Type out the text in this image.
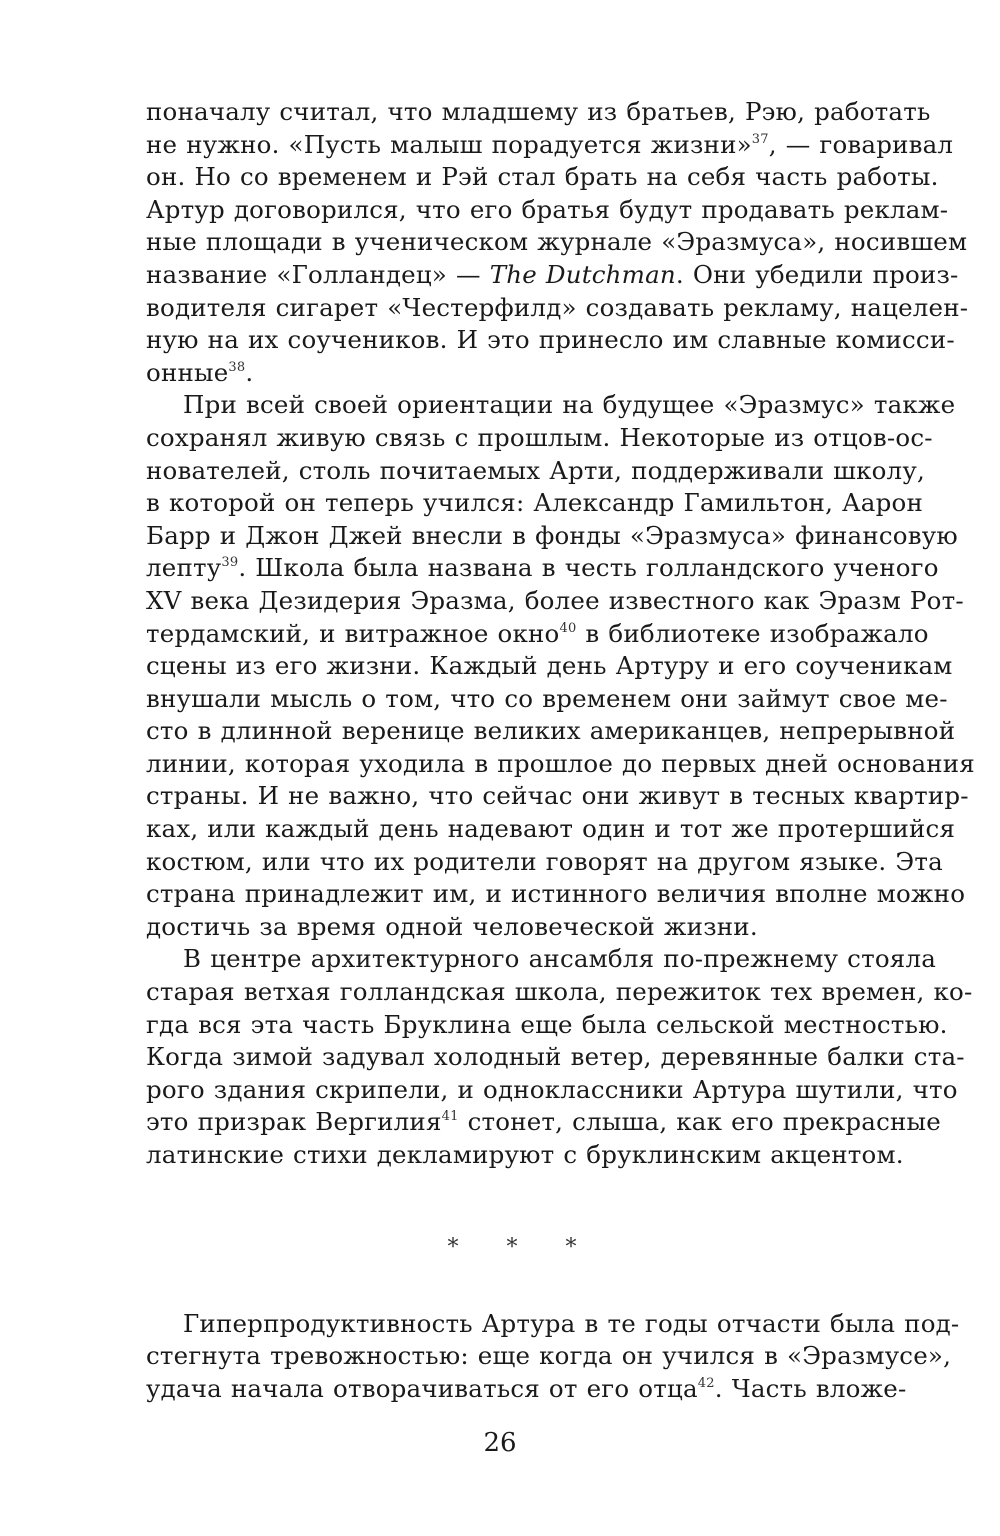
поначалу считал, что младшему из братьев, Рэю, работать
не нужно. «Пусть малыш порадуется жизни»$^{37}$, — говаривал
он. Но со временем и Рэй стал брать на себя часть работы.
Артур договорился, что его братья будут продавать реклам-
ные площади в ученическом журнале «Эразмуса», носившем
название «Голландец» — The Dutchman. Они убедили произ-
водителя сигарет «Честерфилд» создавать рекламу, нацелен-
ную на их соучеников. И это принесло им славные комисси-
онные$^{38}$.
При всей своей ориентации на будущее «Эразмус» также
сохранял живую связь с прошлым. Некоторые из отцов-ос-
нователей, столь почитаемых Арти, поддерживали школу,
в которой он теперь учился: Александр Гамильтон, Аарон
Барр и Джон Джей внесли в фонды «Эразмуса» финансовую
лепту$^{39}$. Школа была названа в честь голландского ученого
XV века Дезидерия Эразма, более известного как Эразм Рот-
тердамский, и витражное окно$^{40}$ в библиотеке изображало
сцены из его жизни. Каждый день Артуру и его соученикам
внушали мысль о том, что со временем они займут свое ме-
сто в длинной веренице великих американцев, непрерывной
линии, которая уходила в прошлое до первых дней основания
страны. И не важно, что сейчас они живут в тесных квартир-
ках, или каждый день надевают один и тот же протершийся
костюм, или что их родители говорят на другом языке. Эта
страна принадлежит им, и истинного величия вполне можно
достичь за время одной человеческой жизни.
В центре архитектурного ансамбля по-прежнему стояла
старая ветхая голландская школа, пережиток тех времен, ко-
гда вся эта часть Бруклина еще была сельской местностью.
Когда зимой задувал холодный ветер, деревянные балки ста-
рого здания скрипели, и одноклассники Артура шутили, что
это призрак Вергилия$^{41}$ стонет, слыша, как его прекрасные
латинские стихи декламируют с бруклинским акцентом.
* * *
Гиперпродуктивность Артура в те годы отчасти была под-
стегнута тревожностью: еще когда он учился в «Эразмусе»,
удача начала отворачиваться от его отца$^{42}$. Часть вложе-
26
